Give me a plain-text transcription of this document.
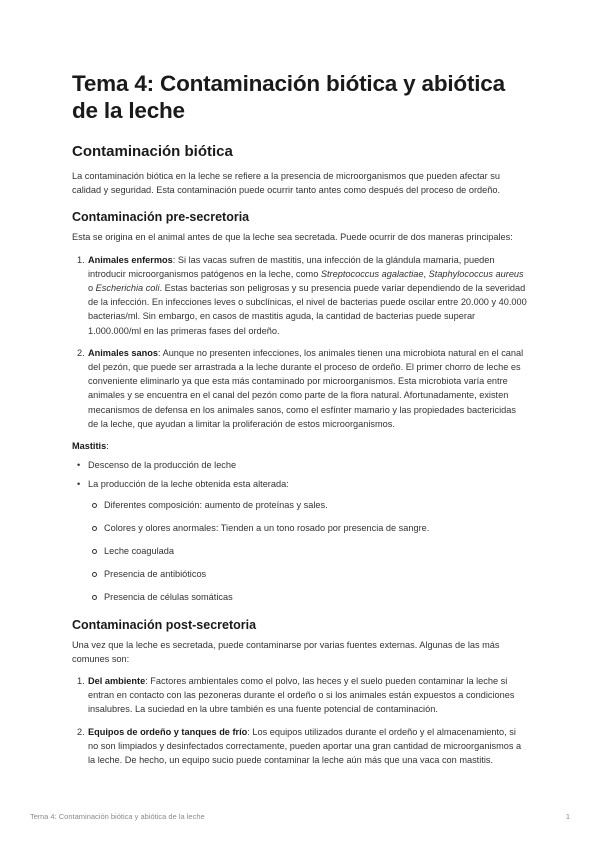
Tema 4: Contaminación biótica y abiótica de la leche
Contaminación biótica

La contaminación biótica en la leche se refiere a la presencia de microorganismos que pueden afectar su calidad y seguridad. Esta contaminación puede ocurrir tanto antes como después del proceso de ordeño.

Contaminación pre-secretoria

Esta se origina en el animal antes de que la leche sea secretada. Puede ocurrir de dos maneras principales:

1. Animales enfermos: Si las vacas sufren de mastitis, una infección de la glándula mamaria, pueden introducir microorganismos patógenos en la leche, como Streptococcus agalactiae, Staphylococcus aureus o Escherichia coli. Estas bacterias son peligrosas y su presencia puede variar dependiendo de la severidad de la infección. En infecciones leves o subclínicas, el nivel de bacterias puede oscilar entre 20.000 y 40.000 bacterias/ml. Sin embargo, en casos de mastitis aguda, la cantidad de bacterias puede superar 1.000.000/ml en las primeras fases del ordeño.
2. Animales sanos: Aunque no presenten infecciones, los animales tienen una microbiota natural en el canal del pezón, que puede ser arrastrada a la leche durante el proceso de ordeño. El primer chorro de leche es conveniente eliminarlo ya que esta más contaminado por microorganismos. Esta microbiota varía entre animales y se encuentra en el canal del pezón como parte de la flora natural. Afortunadamente, existen mecanismos de defensa en los animales sanos, como el esfínter mamario y las propiedades bactericidas de la leche, que ayudan a limitar la proliferación de estos microorganismos.
Mastitis:
• Descenso de la producción de leche
• La producción de la leche obtenida esta alterada:
Diferentes composición: aumento de proteínas y sales.
Colores y olores anormales: Tienden a un tono rosado por presencia de sangre.
Leche coagulada
Presencia de antibióticos
Presencia de células somáticas
Contaminación post-secretoria

Una vez que la leche es secretada, puede contaminarse por varias fuentes externas. Algunas de las más comunes son:

1. Del ambiente: Factores ambientales como el polvo, las heces y el suelo pueden contaminar la leche si entran en contacto con las pezoneras durante el ordeño o si los animales están expuestos a condiciones insalubres. La suciedad en la ubre también es una fuente potencial de contaminación.
2. Equipos de ordeño y tanques de frío: Los equipos utilizados durante el ordeño y el almacenamiento, si no son limpiados y desinfectados correctamente, pueden aportar una gran cantidad de microorganismos a la leche. De hecho, un equipo sucio puede contaminar la leche aún más que una vaca con mastitis.
Tema 4: Contaminación biótica y abiótica de la leche	1
